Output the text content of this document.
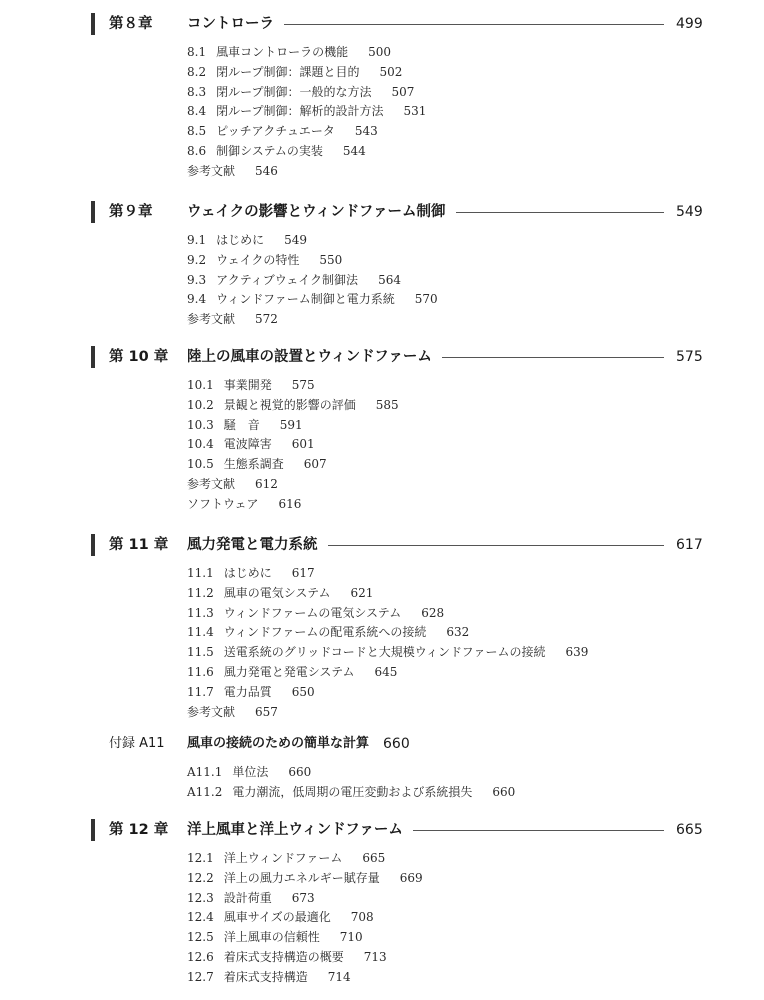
第８章 コントローラ	499
8.1 風車コントローラの機能 500
8.2 閉ループ制御：課題と目的 502
8.3 閉ループ制御：一般的な方法 507
8.4 閉ループ制御：解析的設計方法 531
8.5 ピッチアクチュエータ 543
8.6 制御システムの実装 544
参考文献 546
第９章 ウェイクの影響とウィンドファーム制御	549
9.1 はじめに 549
9.2 ウェイクの特性 550
9.3 アクティブウェイク制御法 564
9.4 ウィンドファーム制御と電力系統 570
参考文献 572
第 10 章 陸上の風車の設置とウィンドファーム	575
10.1 事業開発 575
10.2 景観と視覚的影響の評価 585
10.3 騒　音 591
10.4 電波障害 601
10.5 生態系調査 607
参考文献 612
ソフトウェア 616
第 11 章 風力発電と電力系統	617
11.1 はじめに 617
11.2 風車の電気システム 621
11.3 ウィンドファームの電気システム 628
11.4 ウィンドファームの配電系統への接続 632
11.5 送電系統のグリッドコードと大規模ウィンドファームの接続 639
11.6 風力発電と発電システム 645
11.7 電力品質 650
参考文献 657
付録 A11 風車の接続のための簡単な計算 660
A11.1 単位法 660
A11.2 電力潮流，低周期の電圧変動および系統損失 660
第 12 章 洋上風車と洋上ウィンドファーム	665
12.1 洋上ウィンドファーム 665
12.2 洋上の風力エネルギー賦存量 669
12.3 設計荷重 673
12.4 風車サイズの最適化 708
12.5 洋上風車の信頼性 710
12.6 着床式支持構造の概要 713
12.7 着床式支持構造 714
